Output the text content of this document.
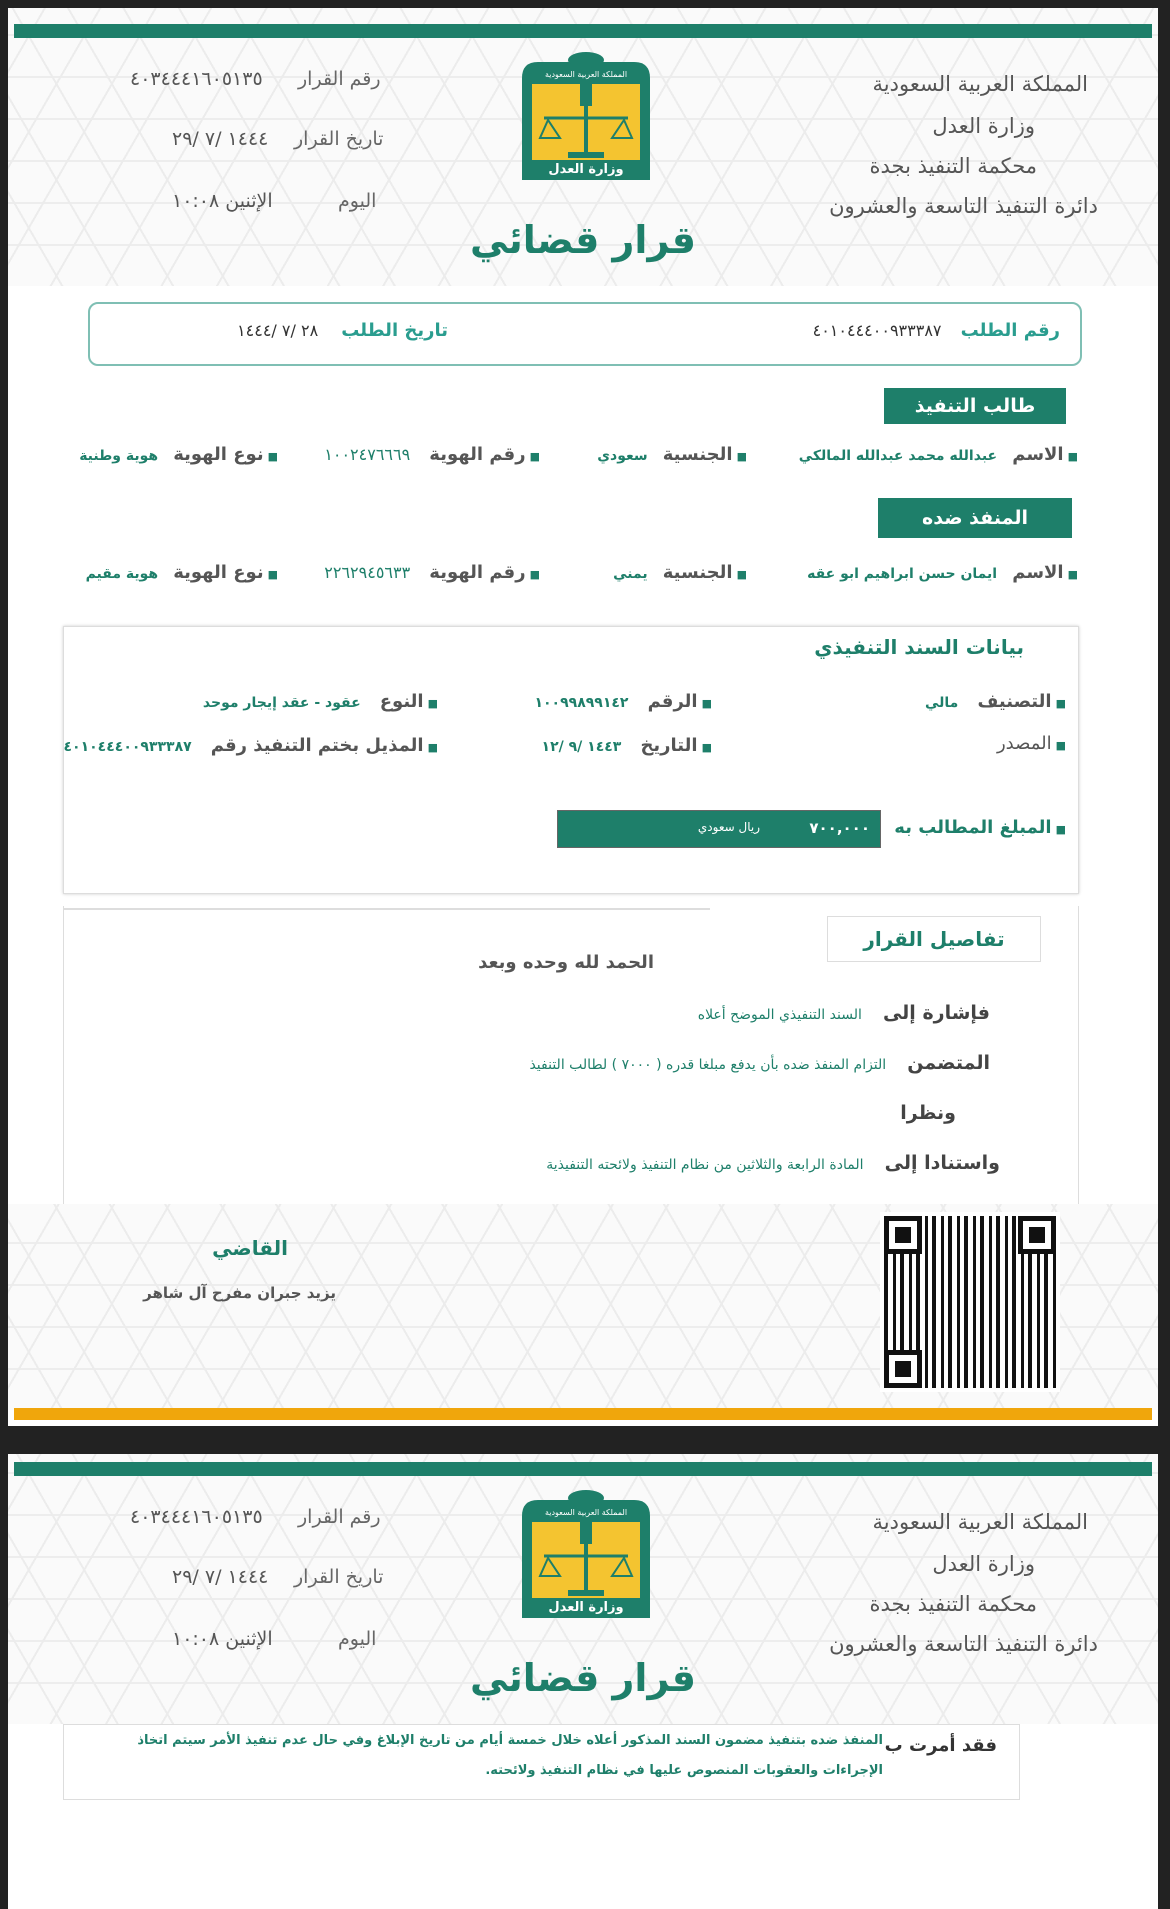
المملكة العربية السعودية
وزارة العدل
محكمة التنفيذ بجدة
دائرة التنفيذ التاسعة والعشرون
رقم القرار
٤٠٣٤٤٤١٦٠٥١٣٥
تاريخ القرار
١٤٤٤ /٧ /٢٩
اليوم
الإثنين ١٠:٠٨
المملكة العربية السعودية
وزارة العدل
قرار قضائي
رقم الطلب ٤٠١٠٤٤٤٠٠٩٣٣٣٨٧
تاريخ الطلب ٢٨ /٧ /١٤٤٤
طالب التنفيذ
■ الاسم عبدالله محمد عبدالله المالكي
■ الجنسية سعودي
■ رقم الهوية ١٠٠٢٤٧٦٦٦٩
■ نوع الهوية هوية وطنية
المنفذ ضده
■ الاسم ايمان حسن ابراهيم ابو عقه
■ الجنسية يمني
■ رقم الهوية ٢٢٦٢٩٤٥٦٣٣
■ نوع الهوية هوية مقيم
بيانات السند التنفيذي
■ التصنيف مالي
■ الرقم ١٠٠٩٩٨٩٩١٤٢
■ النوع عقود - عقد إيجار موحد
■ المصدر
■ التاريخ ١٤٤٣ /٩ /١٢
■ المذيل بختم التنفيذ رقم ٤٠١٠٤٤٤٠٠٩٣٣٣٨٧
■ المبلغ المطالب به
٧٠٠,٠٠٠
ريال سعودي
تفاصيل القرار
الحمد لله وحده وبعد
فإشارة إلى السند التنفيذي الموضح أعلاه
المتضمن التزام المنفذ ضده بأن يدفع مبلغا قدره ( ٧٠٠٠ ) لطالب التنفيذ
ونظرا
واستنادا إلى المادة الرابعة والثلاثين من نظام التنفيذ ولائحته التنفيذية
القاضي
يزيد جبران مفرح آل شاهر
المملكة العربية السعودية
وزارة العدل
محكمة التنفيذ بجدة
دائرة التنفيذ التاسعة والعشرون
رقم القرار
٤٠٣٤٤٤١٦٠٥١٣٥
تاريخ القرار
١٤٤٤ /٧ /٢٩
اليوم
الإثنين ١٠:٠٨
المملكة العربية السعودية
وزارة العدل
قرار قضائي
فقد أمرت ب
المنفذ ضده بتنفيذ مضمون السند المذكور أعلاه خلال خمسة أيام من تاريخ الإبلاغ وفي حال عدم تنفيذ الأمر سيتم اتخاذ
الإجراءات والعقوبات المنصوص عليها في نظام التنفيذ ولائحته.
